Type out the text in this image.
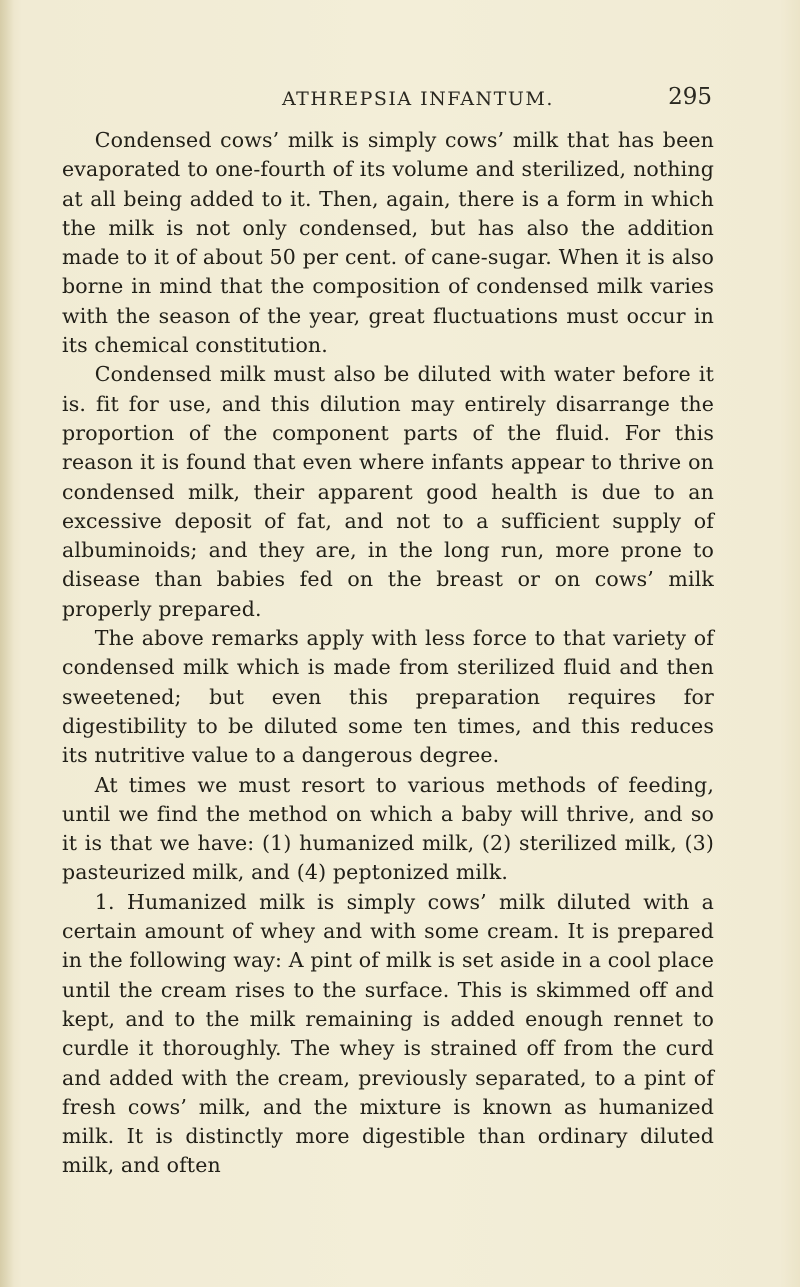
ATHREPSIA INFANTUM.	295

Condensed cows’ milk is simply cows’ milk that has been evaporated to one-fourth of its volume and sterilized, nothing at all being added to it. Then, again, there is a form in which the milk is not only condensed, but has also the addition made to it of about 50 per cent. of cane-sugar. When it is also borne in mind that the composition of condensed milk varies with the season of the year, great fluctuations must occur in its chemical constitution.

Condensed milk must also be diluted with water before it is. fit for use, and this dilution may entirely disarrange the proportion of the component parts of the fluid. For this reason it is found that even where infants appear to thrive on condensed milk, their apparent good health is due to an excessive deposit of fat, and not to a sufficient supply of albuminoids; and they are, in the long run, more prone to disease than babies fed on the breast or on cows’ milk properly prepared.

The above remarks apply with less force to that variety of condensed milk which is made from sterilized fluid and then sweetened; but even this preparation requires for digestibility to be diluted some ten times, and this reduces its nutritive value to a dangerous degree.

At times we must resort to various methods of feeding, until we find the method on which a baby will thrive, and so it is that we have: (1) humanized milk, (2) sterilized milk, (3) pasteurized milk, and (4) peptonized milk.

1. Humanized milk is simply cows’ milk diluted with a certain amount of whey and with some cream. It is prepared in the following way: A pint of milk is set aside in a cool place until the cream rises to the surface. This is skimmed off and kept, and to the milk remaining is added enough rennet to curdle it thoroughly. The whey is strained off from the curd and added with the cream, previously separated, to a pint of fresh cows’ milk, and the mixture is known as humanized milk. It is distinctly more digestible than ordinary diluted milk, and often
